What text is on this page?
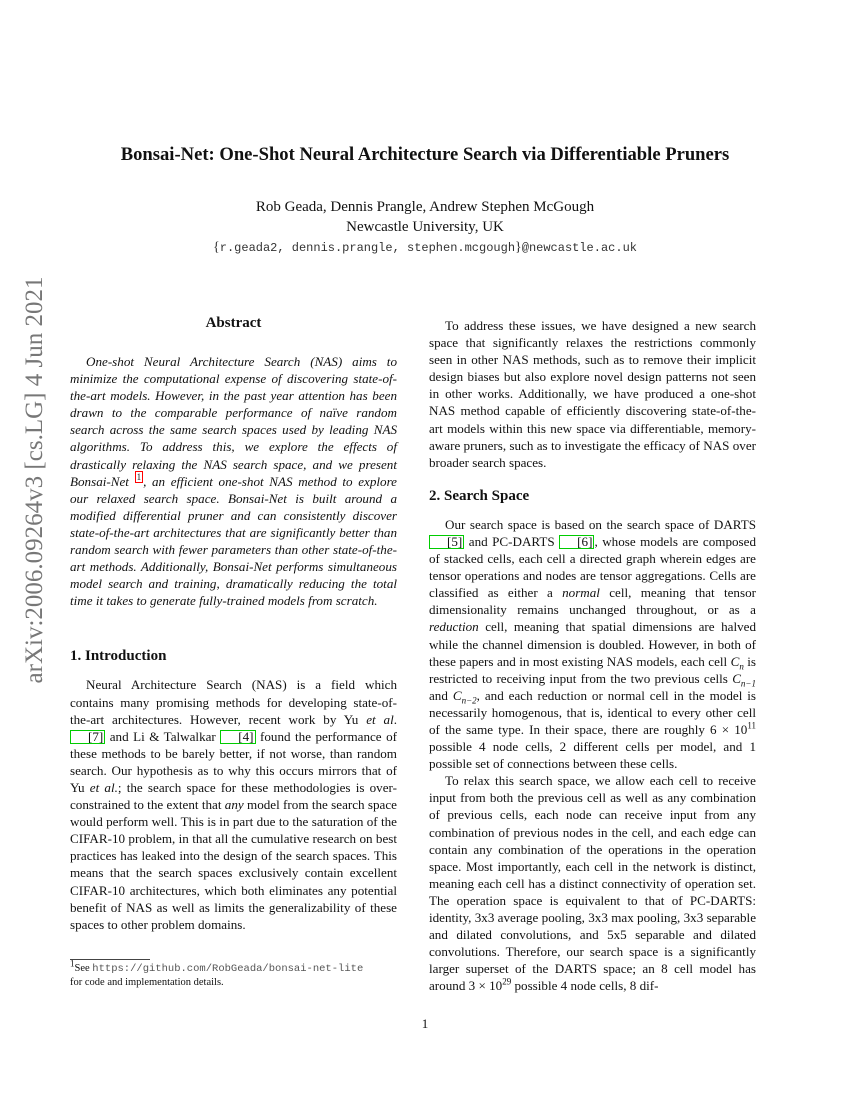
Bonsai-Net: One-Shot Neural Architecture Search via Differentiable Pruners
Rob Geada, Dennis Prangle, Andrew Stephen McGough
Newcastle University, UK
{r.geada2, dennis.prangle, stephen.mcgough}@newcastle.ac.uk
arXiv:2006.09264v3 [cs.LG] 4 Jun 2021	Abstract

One-shot Neural Architecture Search (NAS) aims to minimize the computational expense of discovering state-of-the-art models. However, in the past year attention has been drawn to the comparable performance of naïve random search across the same search spaces used by leading NAS algorithms. To address this, we explore the effects of drastically relaxing the NAS search space, and we present Bonsai-Net $^1$ , an efficient one-shot NAS method to explore our relaxed search space. Bonsai-Net is built around a modified differential pruner and can consistently discover state-of-the-art architectures that are significantly better than random search with fewer parameters than other state-of-the-art methods. Additionally, Bonsai-Net performs simultaneous model search and training, dramatically reducing the total time it takes to generate fully-trained models from scratch.

1. Introduction

Neural Architecture Search (NAS) is a field which contains many promising methods for developing state-of-the-art architectures. However, recent work by Yu et al. [7] and Li & Talwalkar [4] found the performance of these methods to be barely better, if not worse, than random search. Our hypothesis as to why this occurs mirrors that of Yu et al.; the search space for these methodologies is over-constrained to the extent that any model from the search space would perform well. This is in part due to the saturation of the CIFAR-10 problem, in that all the cumulative research on best practices has leaked into the design of the search spaces. This means that the search spaces exclusively contain excellent CIFAR-10 architectures, which both eliminates any potential benefit of NAS as well as limits the generalizability of these spaces to other problem domains.

To address these issues, we have designed a new search space that significantly relaxes the restrictions commonly seen in other NAS methods, such as to remove their implicit design biases but also explore novel design patterns not seen in other works. Additionally, we have produced a one-shot NAS method capable of efficiently discovering state-of-the-art models within this new space via differentiable, memory-aware pruners, such as to investigate the efficacy of NAS over broader search spaces.

2. Search Space

Our search space is based on the search space of DARTS [5] and PC-DARTS [6] , whose models are composed of stacked cells, each cell a directed graph wherein edges are tensor operations and nodes are tensor aggregations. Cells are classified as either a normal cell, meaning that tensor dimensionality remains unchanged throughout, or as a reduction cell, meaning that spatial dimensions are halved while the channel dimension is doubled. However, in both of these papers and in most existing NAS models, each cell $C_n$ is restricted to receiving input from the two previous cells $C_{n-1}$ and $C_{n-2}$, and each reduction or normal cell in the model is necessarily homogenous, that is, identical to every other cell of the same type. In their space, there are roughly $6 \times 10^{11}$ possible 4 node cells, 2 different cells per model, and 1 possible set of connections between these cells.

To relax this search space, we allow each cell to receive input from both the previous cell as well as any combination of previous cells, each node can receive input from any combination of previous nodes in the cell, and each edge can contain any combination of the operations in the operation space. Most importantly, each cell in the network is distinct, meaning each cell has a distinct connectivity of operation set. The operation space is equivalent to that of PC-DARTS: identity, 3x3 average pooling, 3x3 max pooling, 3x3 separable and dilated convolutions, and 5x5 separable and dilated convolutions. Therefore, our search space is a significantly larger superset of the DARTS space; an 8 cell model has around $3 \times 10^{29}$ possible 4 node cells, 8 dif-

$^1$See https://github.com/RobGeada/bonsai-net-lite
for code and implementation details.
1
